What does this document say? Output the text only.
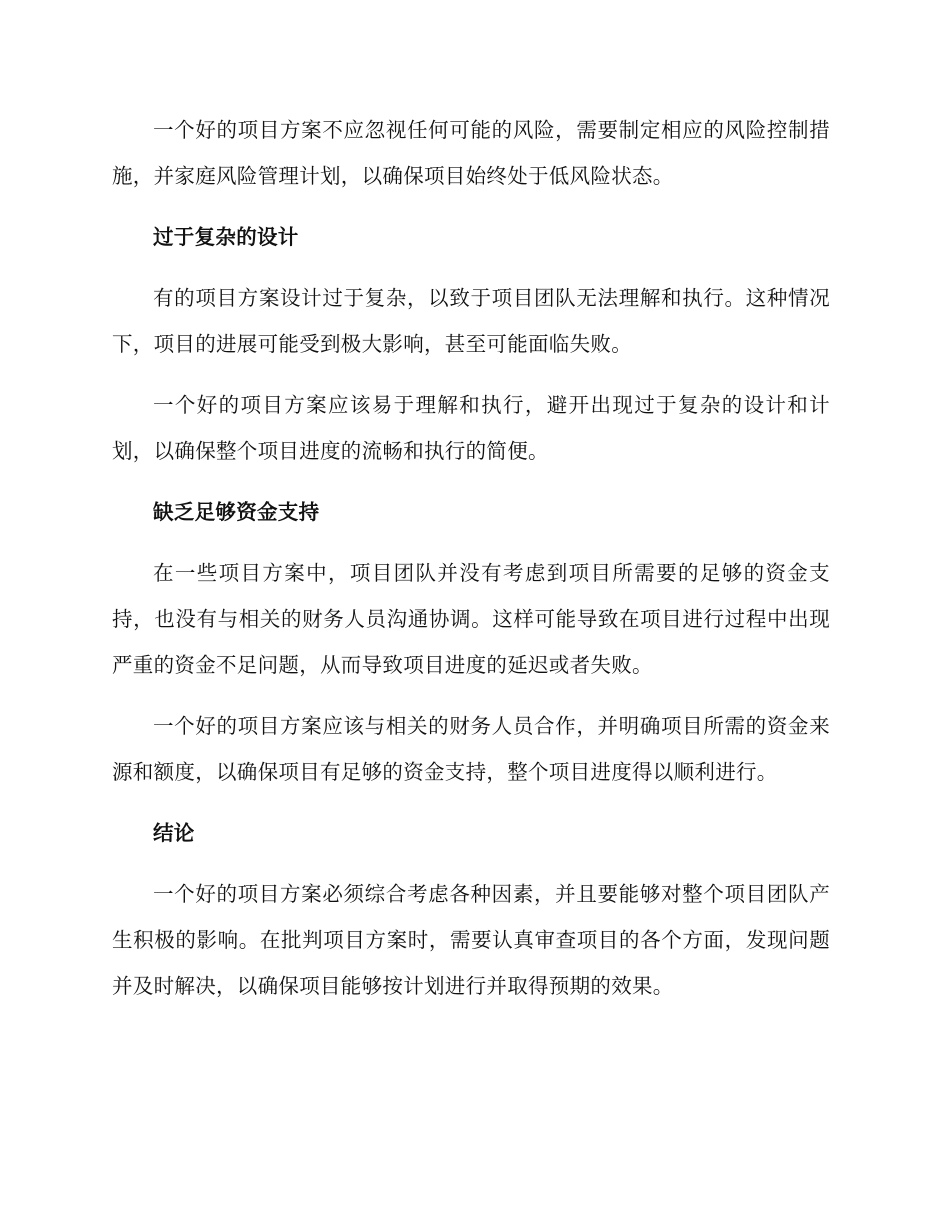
一个好的项目方案不应忽视任何可能的风险，需要制定相应的风险控制措施，并家庭风险管理计划，以确保项目始终处于低风险状态。

过于复杂的设计

有的项目方案设计过于复杂，以致于项目团队无法理解和执行。这种情况下，项目的进展可能受到极大影响，甚至可能面临失败。

一个好的项目方案应该易于理解和执行，避开出现过于复杂的设计和计划，以确保整个项目进度的流畅和执行的简便。

缺乏足够资金支持

在一些项目方案中，项目团队并没有考虑到项目所需要的足够的资金支持，也没有与相关的财务人员沟通协调。这样可能导致在项目进行过程中出现严重的资金不足问题，从而导致项目进度的延迟或者失败。

一个好的项目方案应该与相关的财务人员合作，并明确项目所需的资金来源和额度，以确保项目有足够的资金支持，整个项目进度得以顺利进行。

结论

一个好的项目方案必须综合考虑各种因素，并且要能够对整个项目团队产生积极的影响。在批判项目方案时，需要认真审查项目的各个方面，发现问题并及时解决，以确保项目能够按计划进行并取得预期的效果。
